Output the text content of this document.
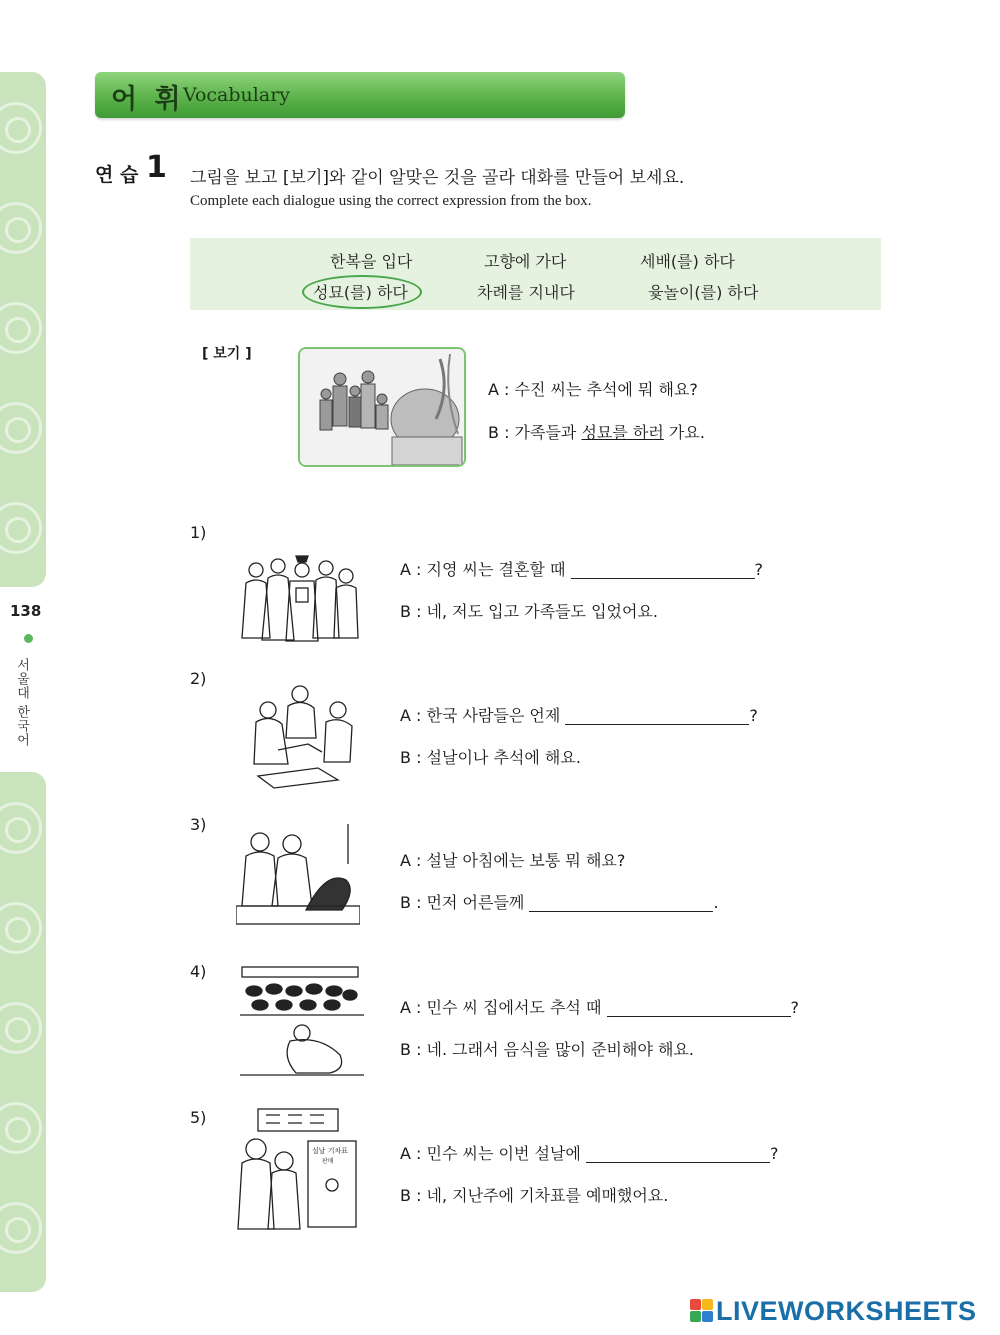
138
서울대 한국어
어 휘
Vocabulary
연 습 1 그림을 보고 [보기]와 같이 알맞은 것을 골라 대화를 만들어 보세요.
Complete each dialogue using the correct expression from the box.
한복을 입다	고향에 가다	세배(를) 하다
성묘(를) 하다	차례를 지내다	윷놀이(를) 하다
[ 보기 ]
A : 수진 씨는 추석에 뭐 해요?
B : 가족들과 성묘를 하러 가요.
1)
A : 지영 씨는 결혼할 때	?
B : 네, 저도 입고 가족들도 입었어요.
2)
A : 한국 사람들은 언제	?
B : 설날이나 추석에 해요.
3)
A : 설날 아침에는 보통 뭐 해요?
B : 먼저 어른들께	.
4)
A : 민수 씨 집에서도 추석 때	?
B : 네. 그래서 음식을 많이 준비해야 해요.
5)
설날 기차표
판매	A : 민수 씨는 이번 설날에	?
B : 네, 지난주에 기차표를 예매했어요.
LIVEWORKSHEETS
